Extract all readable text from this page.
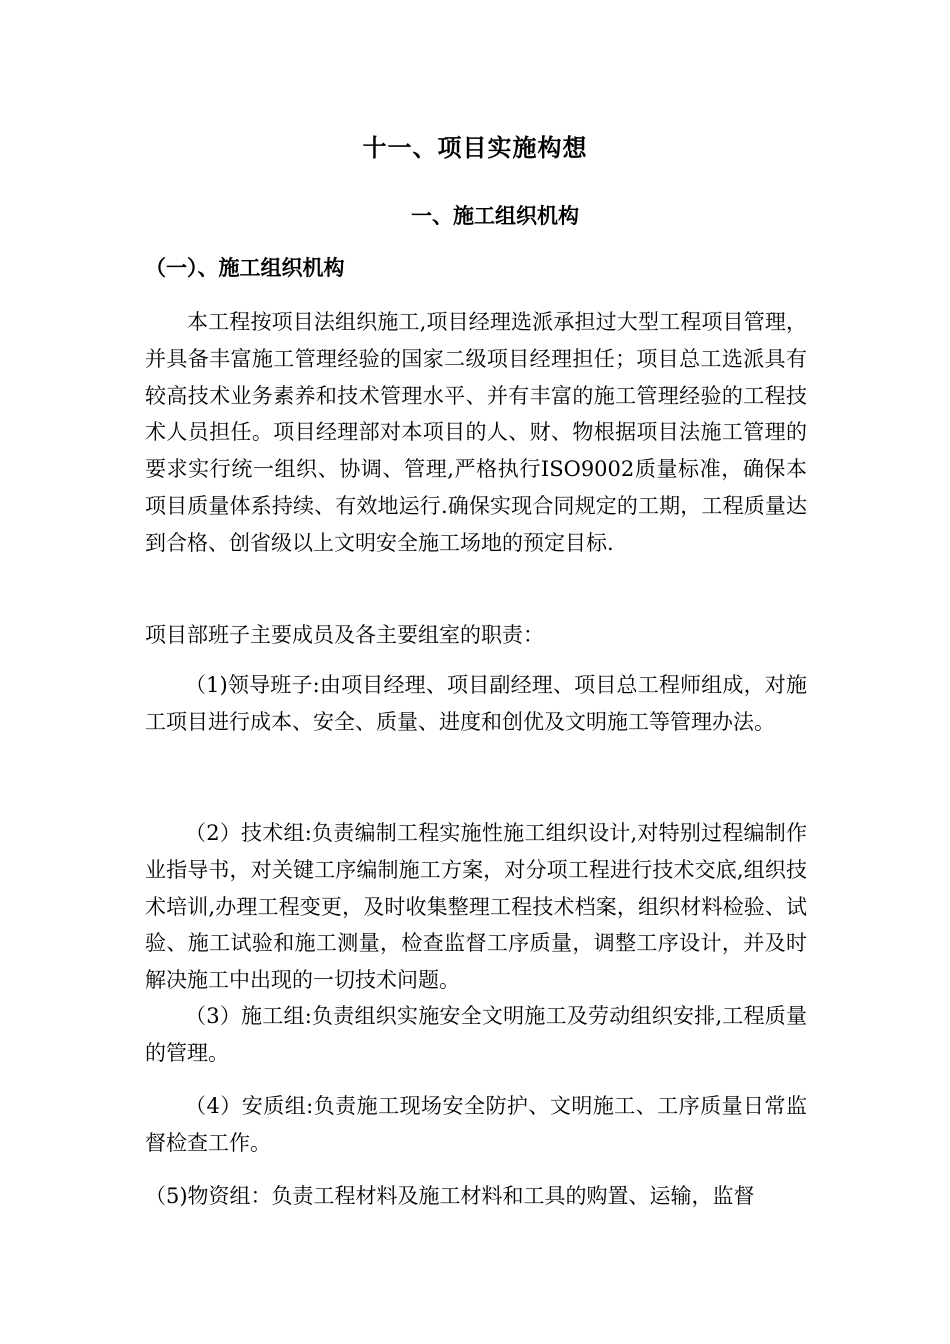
十一、项目实施构想
一、施工组织机构
（一）、施工组织机构

本工程按项目法组织施工,项目经理选派承担过大型工程项目管理，并具备丰富施工管理经验的国家二级项目经理担任；项目总工选派具有较高技术业务素养和技术管理水平、并有丰富的施工管理经验的工程技术人员担任。项目经理部对本项目的人、财、物根据项目法施工管理的要求实行统一组织、协调、管理,严格执行ISO9002质量标准，确保本项目质量体系持续、有效地运行.确保实现合同规定的工期，工程质量达到合格、创省级以上文明安全施工场地的预定目标.

项目部班子主要成员及各主要组室的职责：

（1)领导班子:由项目经理、项目副经理、项目总工程师组成，对施工项目进行成本、安全、质量、进度和创优及文明施工等管理办法。

（2）技术组:负责编制工程实施性施工组织设计,对特别过程编制作业指导书，对关键工序编制施工方案，对分项工程进行技术交底,组织技术培训,办理工程变更，及时收集整理工程技术档案，组织材料检验、试验、施工试验和施工测量，检查监督工序质量，调整工序设计，并及时解决施工中出现的一切技术问题。

（3）施工组:负责组织实施安全文明施工及劳动组织安排,工程质量的管理。

（4）安质组:负责施工现场安全防护、文明施工、工序质量日常监督检查工作。

（5)物资组：负责工程材料及施工材料和工具的购置、运输，监督
